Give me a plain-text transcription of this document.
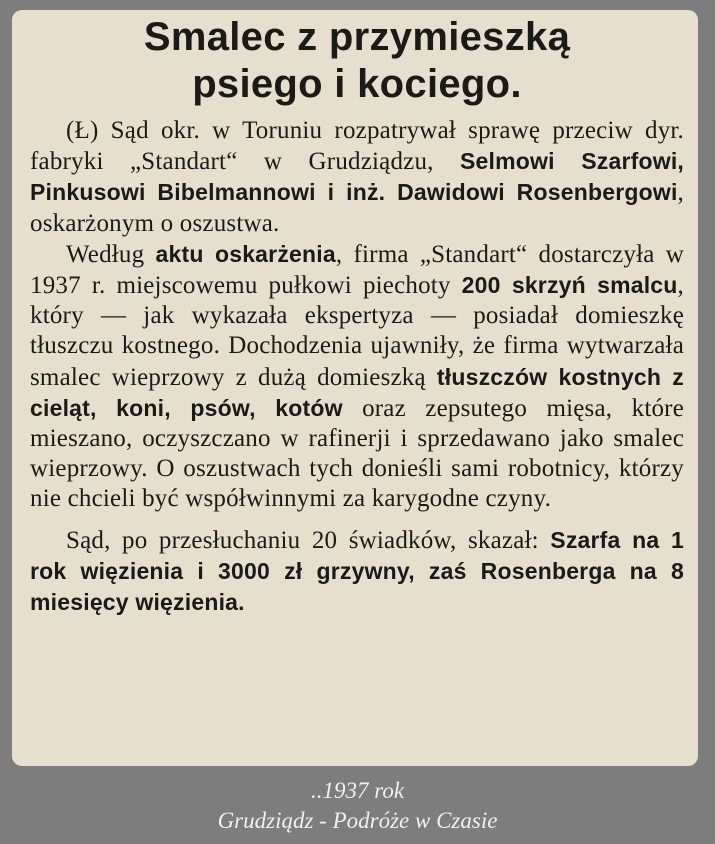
Smalec z przymieszką
psiego i kociego.

(Ł) Sąd okr. w Toruniu rozpatrywał sprawę przeciw dyr. fabryki „Standart“ w Grudziądzu, Selmowi Szarfowi, Pinkusowi Bibelmannowi i inż. Dawidowi Rosenbergowi, oskarżonym o oszustwa.

Według aktu oskarżenia, firma „Standart“ dostarczyła w 1937 r. miejscowemu pułkowi piechoty 200 skrzyń smalcu, który — jak wykazała ekspertyza — posiadał domieszkę tłuszczu kostnego. Dochodzenia ujawniły, że firma wytwarzała smalec wieprzowy z dużą domieszką tłuszczów kostnych z cieląt, koni, psów, kotów oraz zepsutego mięsa, które mieszano, oczyszczano w rafinerji i sprzedawano jako smalec wieprzowy. O oszustwach tych donieśli sami robotnicy, którzy nie chcieli być współwinnymi za karygodne czyny.

Sąd, po przesłuchaniu 20 świadków, skazał: Szarfa na 1 rok więzienia i 3000 zł grzywny, zaś Rosenberga na 8 miesięcy więzienia.

..1937 rok
Grudziądz - Podróże w Czasie
